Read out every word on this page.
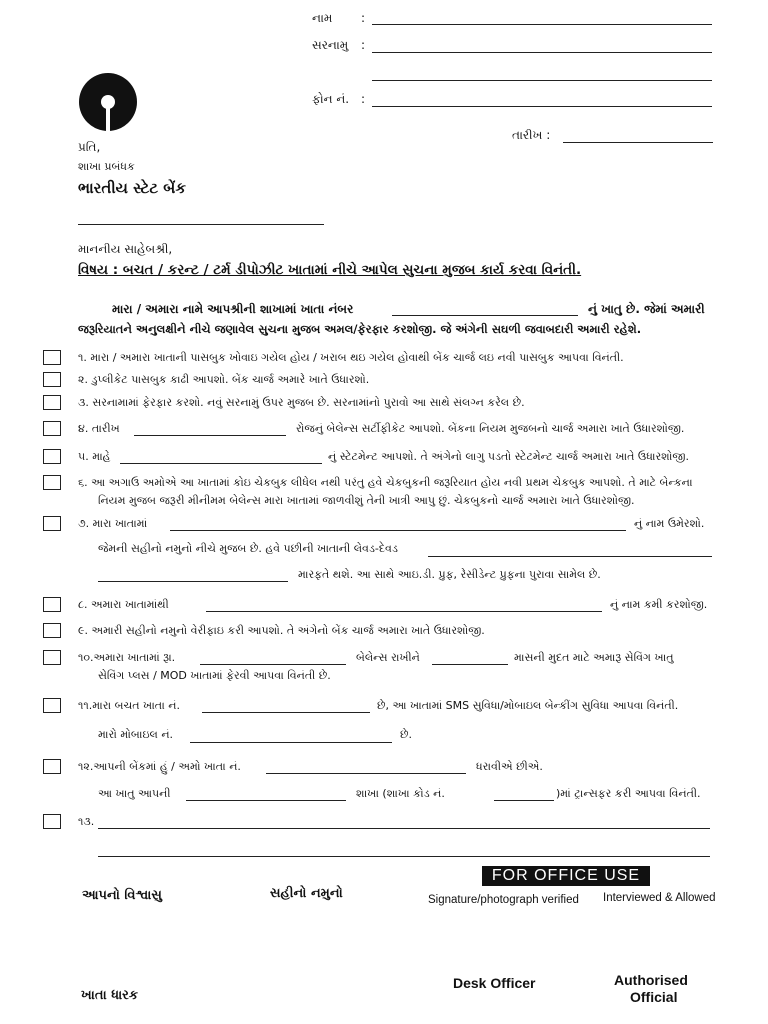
નામ :
સરનામુ :
ફોન નં. :
તારીખ :
પ્રતિ,
શાખા પ્રબંધક
ભારતીય સ્ટેટ બેંક
માનનીય સાહેબશ્રી,
વિષય : બચત / કરન્ટ / ટર્મ ડીપોઝીટ ખાતામાં નીચે આપેલ સુચના મુજબ કાર્ય કરવા વિનંતી.
મારા / અમારા નામે આપશ્રીની શાખામાં ખાતા નંબર	નું ખાતુ છે. જેમાં અમારી
જરૂરિયાતને અનુલક્ષીને નીચે જણાવેલ સુચના મુજબ અમલ/ફેરફાર કરશોજી. જે અંગેની સઘળી જવાબદારી અમારી રહેશે.
૧. મારા / અમારા ખાતાની પાસબુક ખોવાઇ ગયેલ હોય / ખરાબ થઇ ગયેલ હોવાથી બેંક ચાર્જ લઇ નવી પાસબુક આપવા વિનંતી.
૨. ડુપ્લીકેટ પાસબુક કાઢી આપશો. બેંક ચાર્જ અમારે ખાતે ઉધારશો.
૩. સરનામામાં ફેરફાર કરશો. નવું સરનામું ઉપર મુજબ છે. સરનામાંનો પુરાવો આ સાથે સંલગ્ન કરેલ છે.
૪. તારીખ	રોજનું બેલેન્સ સર્ટીફીકેટ આપશો. બેંકના નિયમ મુજબનો ચાર્જ અમારા ખાતે ઉધારશોજી.
૫. માહે	નું સ્ટેટમેન્ટ આપશો. તે અંગેનો લાગુ પડતો સ્ટેટમેન્ટ ચાર્જ અમારા ખાતે ઉધારશોજી.
૬. આ અગાઉ અમોએ આ ખાતામાં કોઇ ચેકબુક લીધેલ નથી પરંતુ હવે ચેકબુકની જરૂરિયાત હોય નવી પ્રથમ ચેકબુક આપશો. તે માટે બેન્કના
નિયમ મુજબ જરૂરી મીનીમમ બેલેન્સ મારા ખાતામાં જાળવીશું તેની ખાત્રી આપુ છું. ચેકબુકનો ચાર્જ અમારા ખાતે ઉધારશોજી.
૭. મારા ખાતામાં	નું નામ ઉમેરશો.
જેમની સહીનો નમુનો નીચે મુજબ છે. હવે પછીની ખાતાની લેવડ-દેવડ
મારફતે થશે. આ સાથે આઇ.ડી. પ્રુફ, રેસીડેન્ટ પ્રુફના પુરાવા સામેલ છે.
૮. અમારા ખાતામાંથી	નું નામ કમી કરશોજી.
૯. અમારી સહીનો નમુનો વેરીફાઇ કરી આપશો. તે અંગેનો બેંક ચાર્જ અમારા ખાતે ઉધારશોજી.
૧૦.અમારા ખાતામાં રૂા.	બેલેન્સ રાખીને	માસની મુદત માટે અમારૂ સેવિંગ ખાતુ
સેવિંગ પ્લસ / MOD ખાતામાં ફેરવી આપવા વિનંતી છે.
૧૧.મારા બચત ખાતા નં.	છે, આ ખાતામાં SMS સુવિધા/મોબાઇલ બેન્કીંગ સુવિધા આપવા વિનંતી.
મારો મોબાઇલ નં.	છે.
૧૨.આપની બેંકમાં હું / અમો ખાતા નં.	ધરાવીએ છીએ.
આ ખાતુ આપની	શાખા (શાખા કોડ નં.	)માં ટ્રાન્સફર કરી આપવા વિનંતી.
૧૩.
FOR OFFICE USE
આપનો વિશ્વાસુ	સહીનો નમુનો	Signature/photograph verified Interviewed & Allowed
ખાતા ધારક
Desk Officer	Authorised
Official
